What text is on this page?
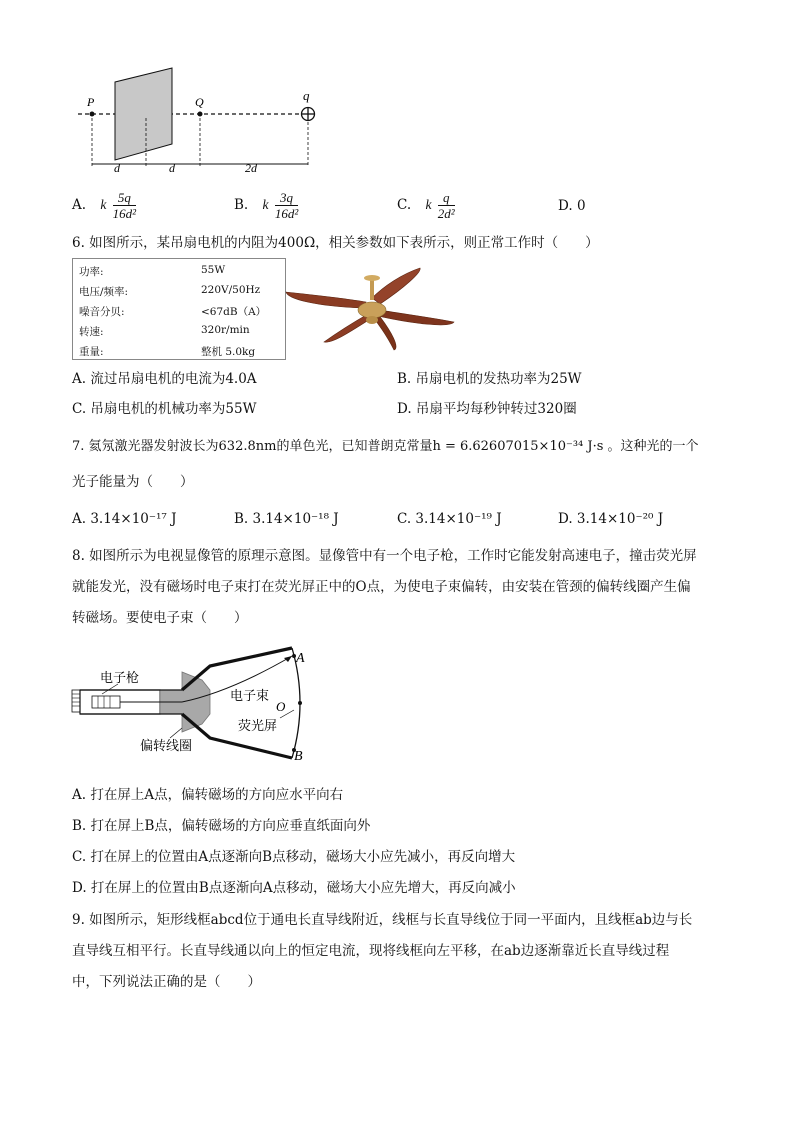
P	Q	q
d	d	2d
A. k $\frac{5q}{\text{16d²}}$	B. k $\frac{3q}{\text{16d²}}$	C. k $\frac{q}{\text{2d²}}$	D. 0
6. 如图所示，某吊扇电机的内阻为400Ω，相关参数如下表所示，则正常工作时（　　）
功率:	55W
电压/频率:	220V/50Hz
噪音分贝:	<67dB（A）
转速:	320r/min
重量:	整机 5.0kg
A. 流过吊扇电机的电流为4.0A	B. 吊扇电机的发热功率为25W
C. 吊扇电机的机械功率为55W	D. 吊扇平均每秒钟转过320圈
7. 氦氖激光器发射波长为632.8nm的单色光，已知普朗克常量h = 6.62607015×10⁻³⁴ J·s 。这种光的一个
光子能量为（　　）
A. 3.14×10⁻¹⁷ J	B. 3.14×10⁻¹⁸ J	C. 3.14×10⁻¹⁹ J	D. 3.14×10⁻²⁰ J
8. 如图所示为电视显像管的原理示意图。显像管中有一个电子枪，工作时它能发射高速电子，撞击荧光屏
就能发光，没有磁场时电子束打在荧光屏正中的O点，为使电子束偏转，由安装在管颈的偏转线圈产生偏
转磁场。要使电子束（　　）
电子枪
电子束
荧光屏
偏转线圈
A
O
B
A. 打在屏上A点，偏转磁场的方向应水平向右
B. 打在屏上B点，偏转磁场的方向应垂直纸面向外
C. 打在屏上的位置由A点逐渐向B点移动，磁场大小应先减小，再反向增大
D. 打在屏上的位置由B点逐渐向A点移动，磁场大小应先增大，再反向减小
9. 如图所示，矩形线框abcd位于通电长直导线附近，线框与长直导线位于同一平面内，且线框ab边与长
直导线互相平行。长直导线通以向上的恒定电流，现将线框向左平移，在ab边逐渐靠近长直导线过程
中，下列说法正确的是（　　）
